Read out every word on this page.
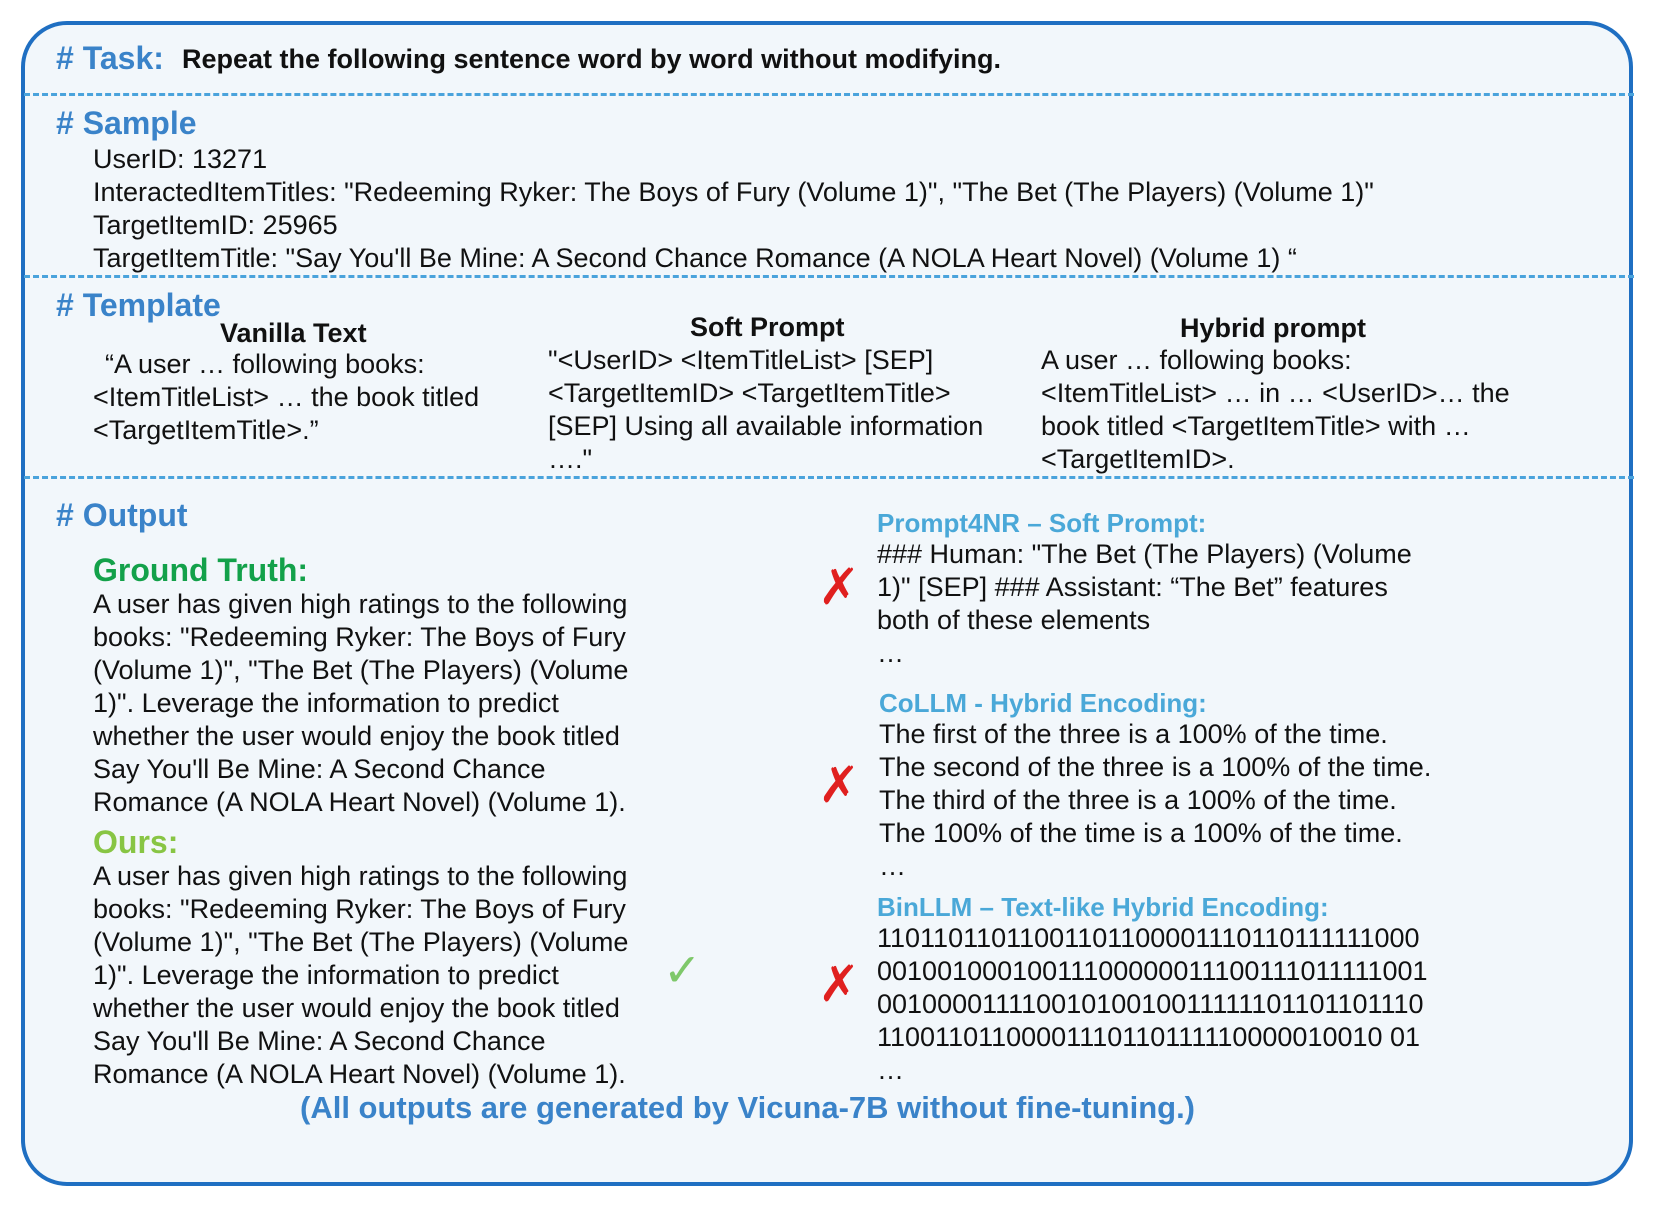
# Task: Repeat the following sentence word by word without modifying.
# Sample
UserID: 13271
InteractedItemTitles: "Redeeming Ryker: The Boys of Fury (Volume 1)", "The Bet (The Players) (Volume 1)"
TargetItemID: 25965
TargetItemTitle: "Say You'll Be Mine: A Second Chance Romance (A NOLA Heart Novel) (Volume 1) “
# Template
Vanilla Text
“A user … following books:
<ItemTitleList> … the book titled
<TargetItemTitle>.”
Soft Prompt
"<UserID> <ItemTitleList> [SEP]
<TargetItemID> <TargetItemTitle>
[SEP] Using all available information
…."
Hybrid prompt
A user … following books:
<ItemTitleList> … in … <UserID>… the
book titled <TargetItemTitle> with …
<TargetItemID>.
# Output
Ground Truth:
A user has given high ratings to the following
books: "Redeeming Ryker: The Boys of Fury
(Volume 1)", "The Bet (The Players) (Volume
1)". Leverage the information to predict
whether the user would enjoy the book titled
Say You'll Be Mine: A Second Chance
Romance (A NOLA Heart Novel) (Volume 1).
Ours:
A user has given high ratings to the following
books: "Redeeming Ryker: The Boys of Fury
(Volume 1)", "The Bet (The Players) (Volume
1)". Leverage the information to predict
whether the user would enjoy the book titled
Say You'll Be Mine: A Second Chance
Romance (A NOLA Heart Novel) (Volume 1).
✓
Prompt4NR – Soft Prompt:
✗
### Human: "The Bet (The Players) (Volume
1)" [SEP] ### Assistant: “The Bet” features
both of these elements
…
CoLLM - Hybrid Encoding:
✗
The first of the three is a 100% of the time.
The second of the three is a 100% of the time.
The third of the three is a 100% of the time.
The 100% of the time is a 100% of the time.
…
BinLLM – Text-like Hybrid Encoding:
✗
11011011011001101100001110110111111000
00100100010011100000011100111011111001
00100001111001010010011111101101101110
11001101100001110110111110000010010 01
…
(All outputs are generated by Vicuna-7B without fine-tuning.)
